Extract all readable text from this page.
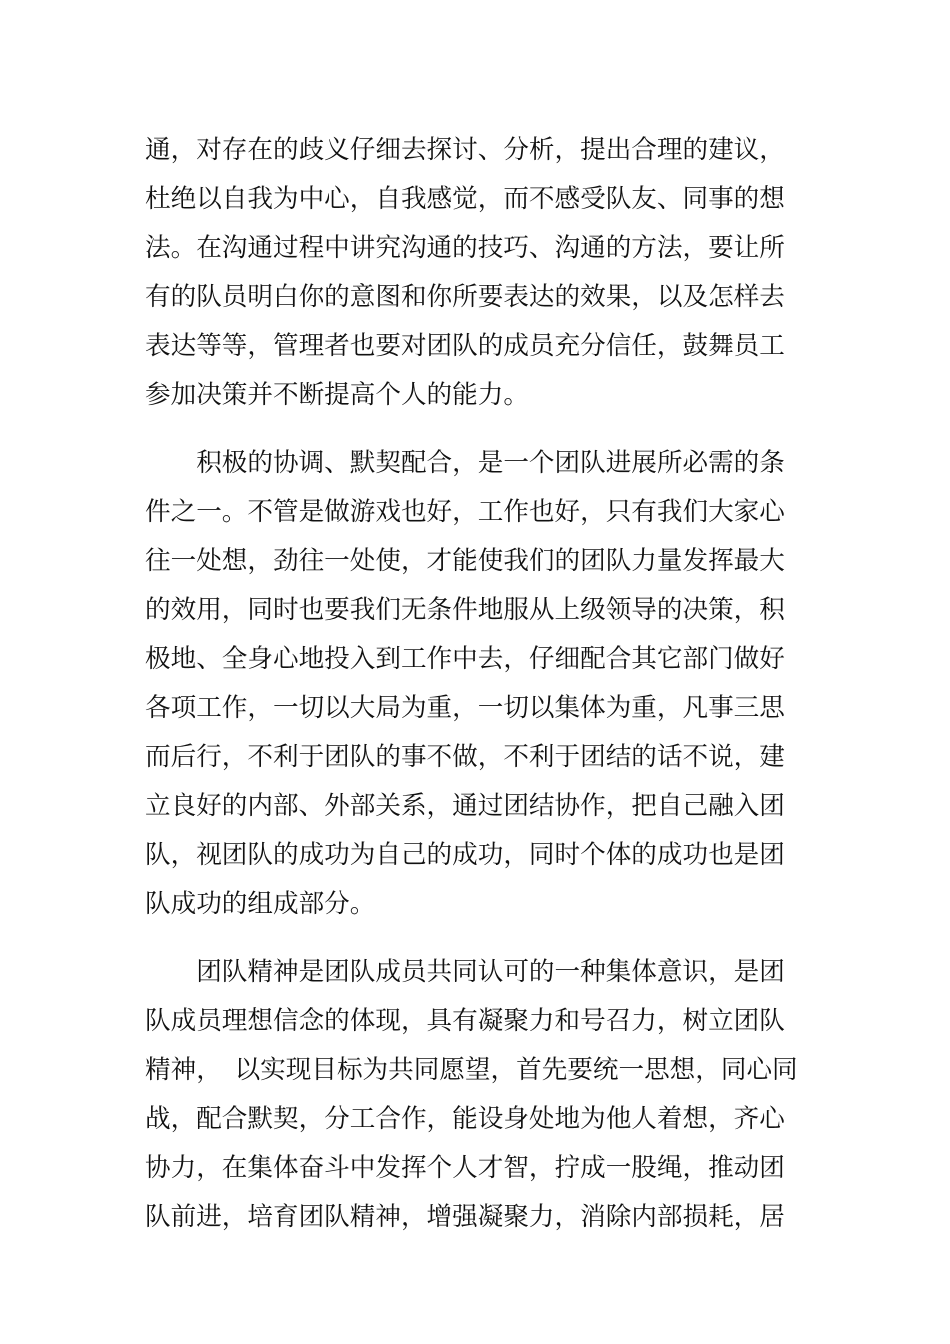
通，对存在的歧义仔细去探讨、分析，提出合理的建议，
杜绝以自我为中心，自我感觉，而不感受队友、同事的想
法。在沟通过程中讲究沟通的技巧、沟通的方法，要让所
有的队员明白你的意图和你所要表达的效果，以及怎样去
表达等等，管理者也要对团队的成员充分信任，鼓舞员工
参加决策并不断提高个人的能力。
　　积极的协调、默契配合，是一个团队进展所必需的条
件之一。不管是做游戏也好，工作也好，只有我们大家心
往一处想，劲往一处使，才能使我们的团队力量发挥最大
的效用，同时也要我们无条件地服从上级领导的决策，积
极地、全身心地投入到工作中去，仔细配合其它部门做好
各项工作，一切以大局为重，一切以集体为重，凡事三思
而后行，不利于团队的事不做，不利于团结的话不说，建
立良好的内部、外部关系，通过团结协作，把自己融入团
队，视团队的成功为自己的成功，同时个体的成功也是团
队成功的组成部分。
　　团队精神是团队成员共同认可的一种集体意识，是团
队成员理想信念的体现，具有凝聚力和号召力，树立团队
精神，　以实现目标为共同愿望，首先要统一思想，同心同
战，配合默契，分工合作，能设身处地为他人着想，齐心
协力，在集体奋斗中发挥个人才智，拧成一股绳，推动团
队前进，培育团队精神，增强凝聚力，消除内部损耗，居
